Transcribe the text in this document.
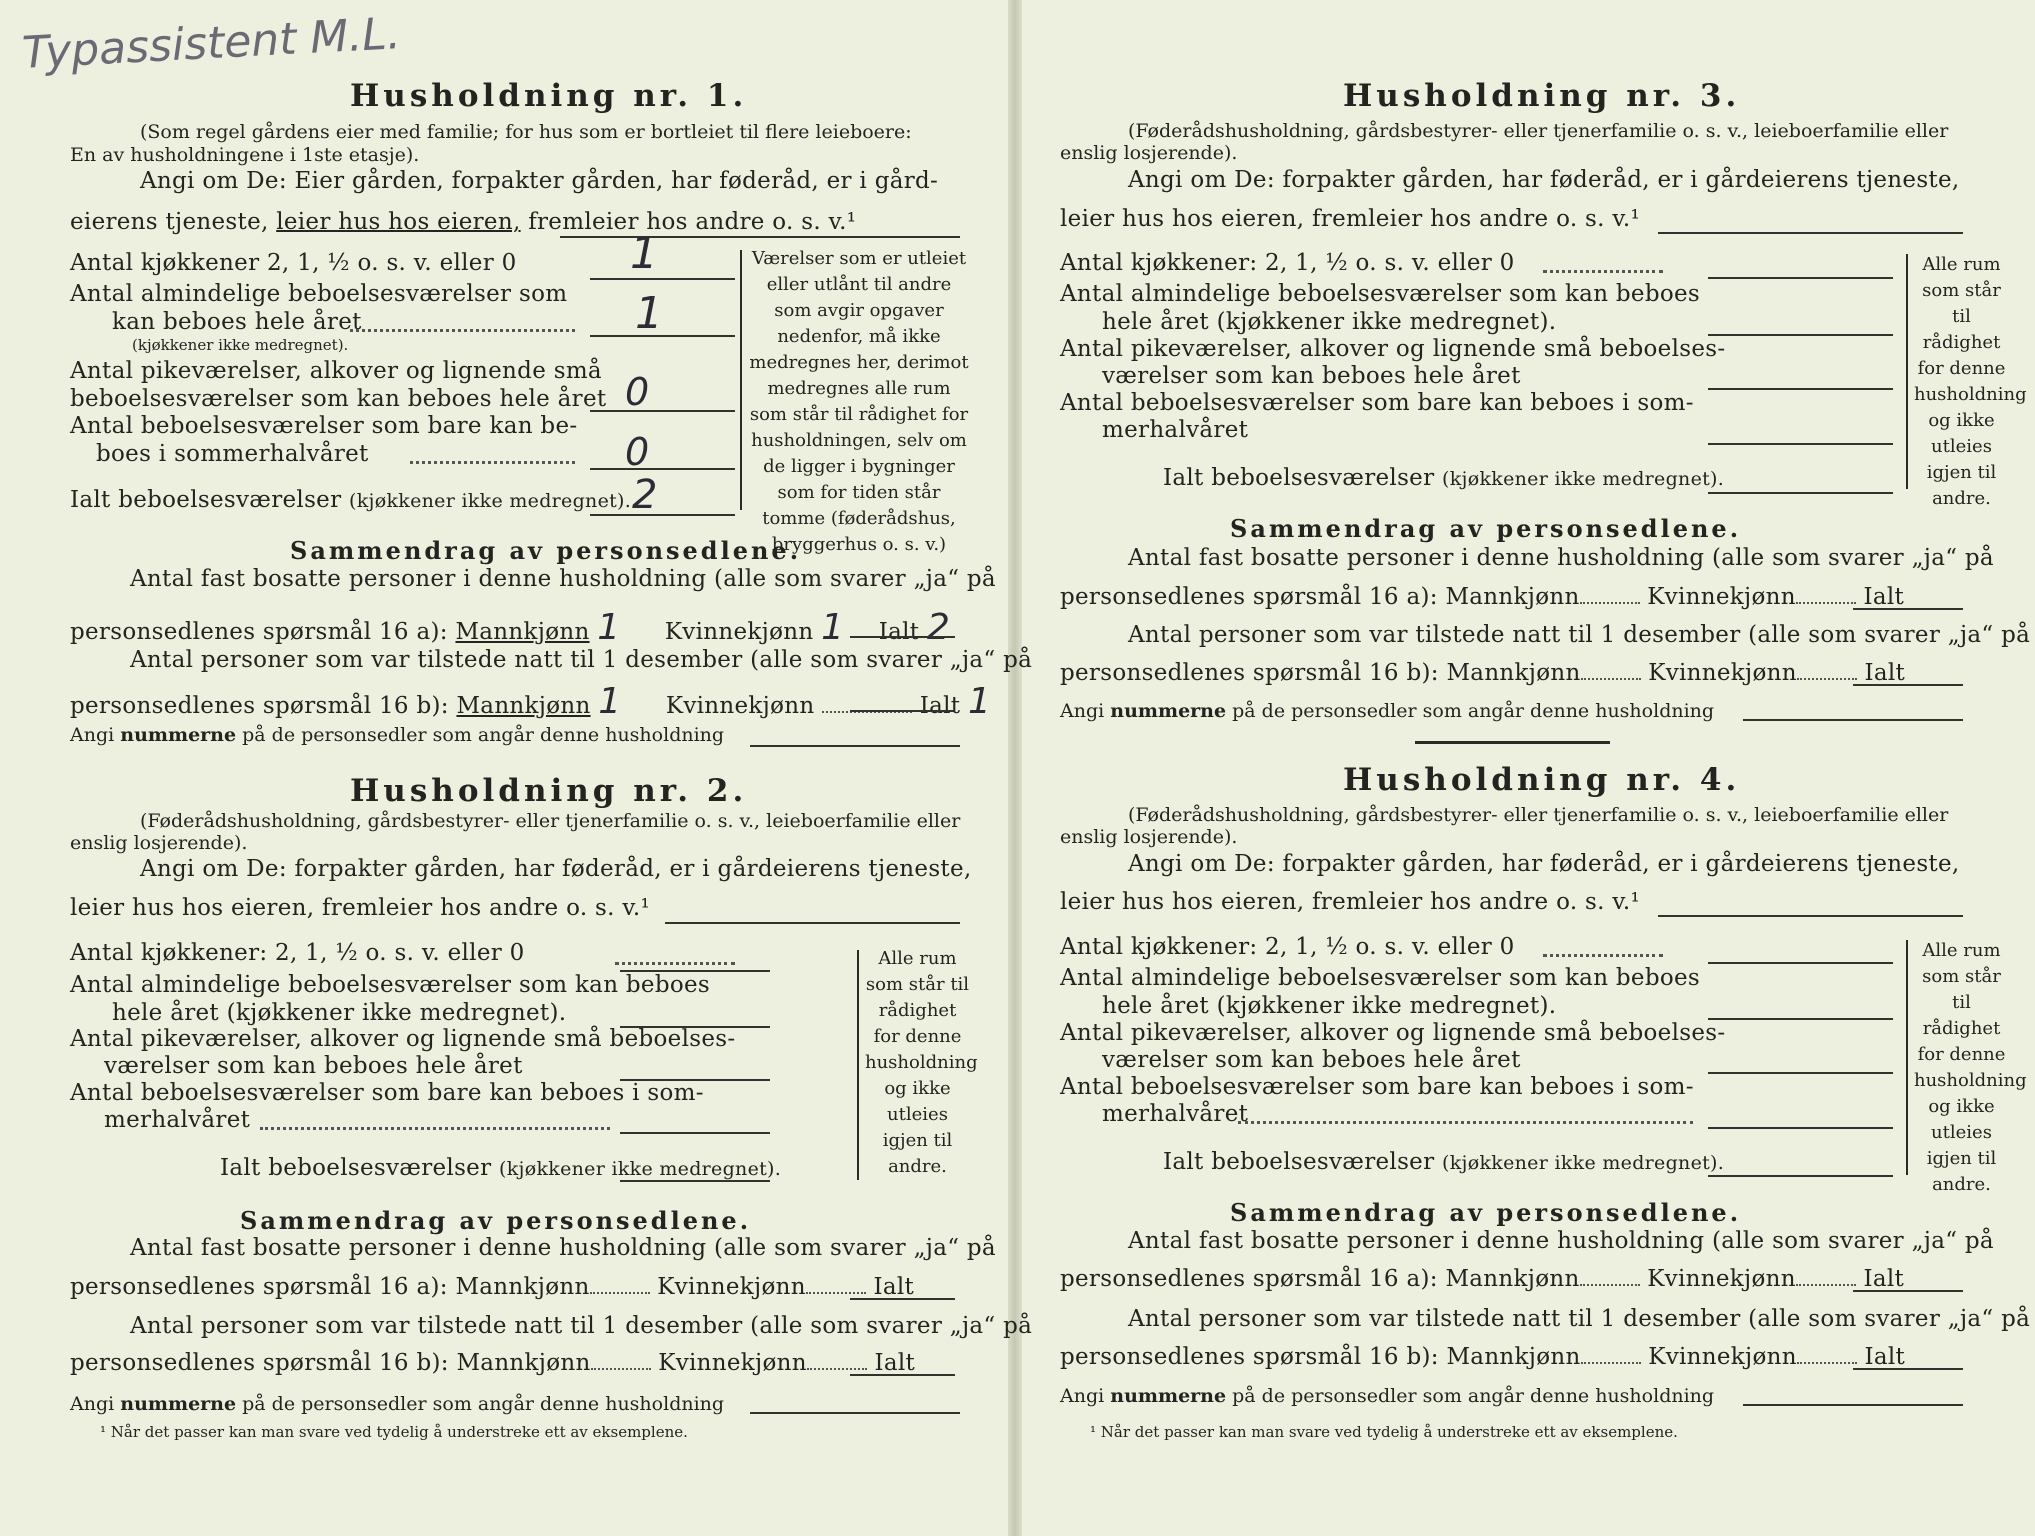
Typassistent M.L.
Husholdning nr. 1.
(Som regel gårdens eier med familie; for hus som er bortleiet til flere leieboere:
En av husholdningene i 1ste etasje).
Angi om De: Eier gården, forpakter gården, har føderåd, er i gård-
eierens tjeneste, leier hus hos eieren, fremleier hos andre o. s. v.¹
Antal kjøkkener 2, 1, ½ o. s. v. eller 0	1
Antal almindelige beboelsesværelser som
kan beboes hele året	1
(kjøkkener ikke medregnet).
Antal pikeværelser, alkover og lignende små
beboelsesværelser som kan beboes hele året 0
Antal beboelsesværelser som bare kan be-
boes i sommerhalvåret	0
Ialt beboelsesværelser (kjøkkener ikke medregnet). 2
Værelser som er utleiet eller utlånt til andre som avgir opgaver nedenfor, må ikke medregnes her, derimot medregnes alle rum som står til rådighet for husholdningen, selv om de ligger i bygninger som for tiden står tomme (føderådshus, bryggerhus o. s. v.)
Sammendrag av personsedlene.
Antal fast bosatte personer i denne husholdning (alle som svarer „ja“ på
personsedlenes spørsmål 16 a): Mannkjønn 1 Kvinnekjønn 1 Ialt 2
Antal personer som var tilstede natt til 1 desember (alle som svarer „ja“ på
personsedlenes spørsmål 16 b): Mannkjønn 1 Kvinnekjønn	Ialt 1
Angi nummerne på de personsedler som angår denne husholdning
Husholdning nr. 2.
(Føderådshusholdning, gårdsbestyrer- eller tjenerfamilie o. s. v., leieboerfamilie eller
enslig losjerende).
Angi om De: forpakter gården, har føderåd, er i gårdeierens tjeneste,
leier hus hos eieren, fremleier hos andre o. s. v.¹
Antal kjøkkener: 2, 1, ½ o. s. v. eller 0
Antal almindelige beboelsesværelser som kan beboes
hele året (kjøkkener ikke medregnet).
Antal pikeværelser, alkover og lignende små beboelses-
værelser som kan beboes hele året
Antal beboelsesværelser som bare kan beboes i som-
merhalvåret
Ialt beboelsesværelser (kjøkkener ikke medregnet).
Alle rum som står til rådighet for denne husholdning og ikke utleies igjen til andre.
Sammendrag av personsedlene.
Antal fast bosatte personer i denne husholdning (alle som svarer „ja“ på
personsedlenes spørsmål 16 a): Mannkjønn	Kvinnekjønn	Ialt
Antal personer som var tilstede natt til 1 desember (alle som svarer „ja“ på
personsedlenes spørsmål 16 b): Mannkjønn	Kvinnekjønn	Ialt
Angi nummerne på de personsedler som angår denne husholdning
¹ Når det passer kan man svare ved tydelig å understreke ett av eksemplene.
Husholdning nr. 3.
(Føderådshusholdning, gårdsbestyrer- eller tjenerfamilie o. s. v., leieboerfamilie eller
enslig losjerende).
Angi om De: forpakter gården, har føderåd, er i gårdeierens tjeneste,
leier hus hos eieren, fremleier hos andre o. s. v.¹
Antal kjøkkener: 2, 1, ½ o. s. v. eller 0
Antal almindelige beboelsesværelser som kan beboes
hele året (kjøkkener ikke medregnet).
Antal pikeværelser, alkover og lignende små beboelses-
værelser som kan beboes hele året
Antal beboelsesværelser som bare kan beboes i som-
merhalvåret
Ialt beboelsesværelser (kjøkkener ikke medregnet).
Alle rum som står til rådighet for denne husholdning og ikke utleies igjen til andre.
Sammendrag av personsedlene.
Antal fast bosatte personer i denne husholdning (alle som svarer „ja“ på
personsedlenes spørsmål 16 a): Mannkjønn	Kvinnekjønn	Ialt
Antal personer som var tilstede natt til 1 desember (alle som svarer „ja“ på
personsedlenes spørsmål 16 b): Mannkjønn	Kvinnekjønn	Ialt
Angi nummerne på de personsedler som angår denne husholdning
Husholdning nr. 4.
(Føderådshusholdning, gårdsbestyrer- eller tjenerfamilie o. s. v., leieboerfamilie eller
enslig losjerende).
Angi om De: forpakter gården, har føderåd, er i gårdeierens tjeneste,
leier hus hos eieren, fremleier hos andre o. s. v.¹
Antal kjøkkener: 2, 1, ½ o. s. v. eller 0
Antal almindelige beboelsesværelser som kan beboes
hele året (kjøkkener ikke medregnet).
Antal pikeværelser, alkover og lignende små beboelses-
værelser som kan beboes hele året
Antal beboelsesværelser som bare kan beboes i som-
merhalvåret
Ialt beboelsesværelser (kjøkkener ikke medregnet).
Alle rum som står til rådighet for denne husholdning og ikke utleies igjen til andre.
Sammendrag av personsedlene.
Antal fast bosatte personer i denne husholdning (alle som svarer „ja“ på
personsedlenes spørsmål 16 a): Mannkjønn	Kvinnekjønn	Ialt
Antal personer som var tilstede natt til 1 desember (alle som svarer „ja“ på
personsedlenes spørsmål 16 b): Mannkjønn	Kvinnekjønn	Ialt
Angi nummerne på de personsedler som angår denne husholdning
¹ Når det passer kan man svare ved tydelig å understreke ett av eksemplene.
